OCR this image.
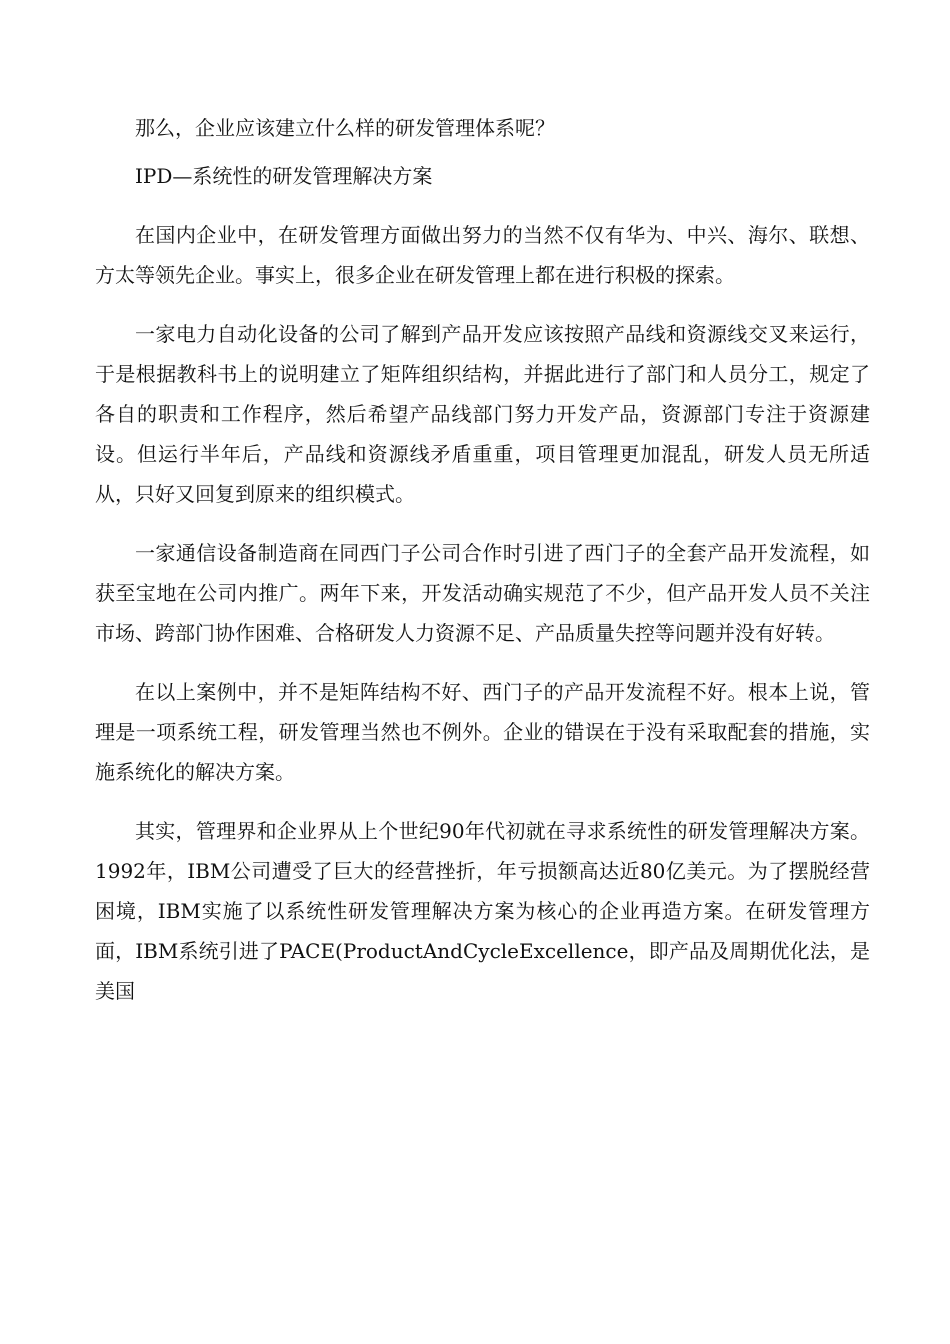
那么，企业应该建立什么样的研发管理体系呢？

IPD—系统性的研发管理解决方案

在国内企业中，在研发管理方面做出努力的当然不仅有华为、中兴、海尔、联想、方太等领先企业。事实上，很多企业在研发管理上都在进行积极的探索。

一家电力自动化设备的公司了解到产品开发应该按照产品线和资源线交叉来运行，于是根据教科书上的说明建立了矩阵组织结构，并据此进行了部门和人员分工，规定了各自的职责和工作程序，然后希望产品线部门努力开发产品，资源部门专注于资源建设。但运行半年后，产品线和资源线矛盾重重，项目管理更加混乱，研发人员无所适从，只好又回复到原来的组织模式。

一家通信设备制造商在同西门子公司合作时引进了西门子的全套产品开发流程，如获至宝地在公司内推广。两年下来，开发活动确实规范了不少，但产品开发人员不关注市场、跨部门协作困难、合格研发人力资源不足、产品质量失控等问题并没有好转。

在以上案例中，并不是矩阵结构不好、西门子的产品开发流程不好。根本上说，管理是一项系统工程，研发管理当然也不例外。企业的错误在于没有采取配套的措施，实施系统化的解决方案。

其实，管理界和企业界从上个世纪90年代初就在寻求系统性的研发管理解决方案。1992年，IBM公司遭受了巨大的经营挫折，年亏损额高达近80亿美元。为了摆脱经营困境，IBM实施了以系统性研发管理解决方案为核心的企业再造方案。在研发管理方面，IBM系统引进了PACE(ProductAndCycleExcellence，即产品及周期优化法，是美国
